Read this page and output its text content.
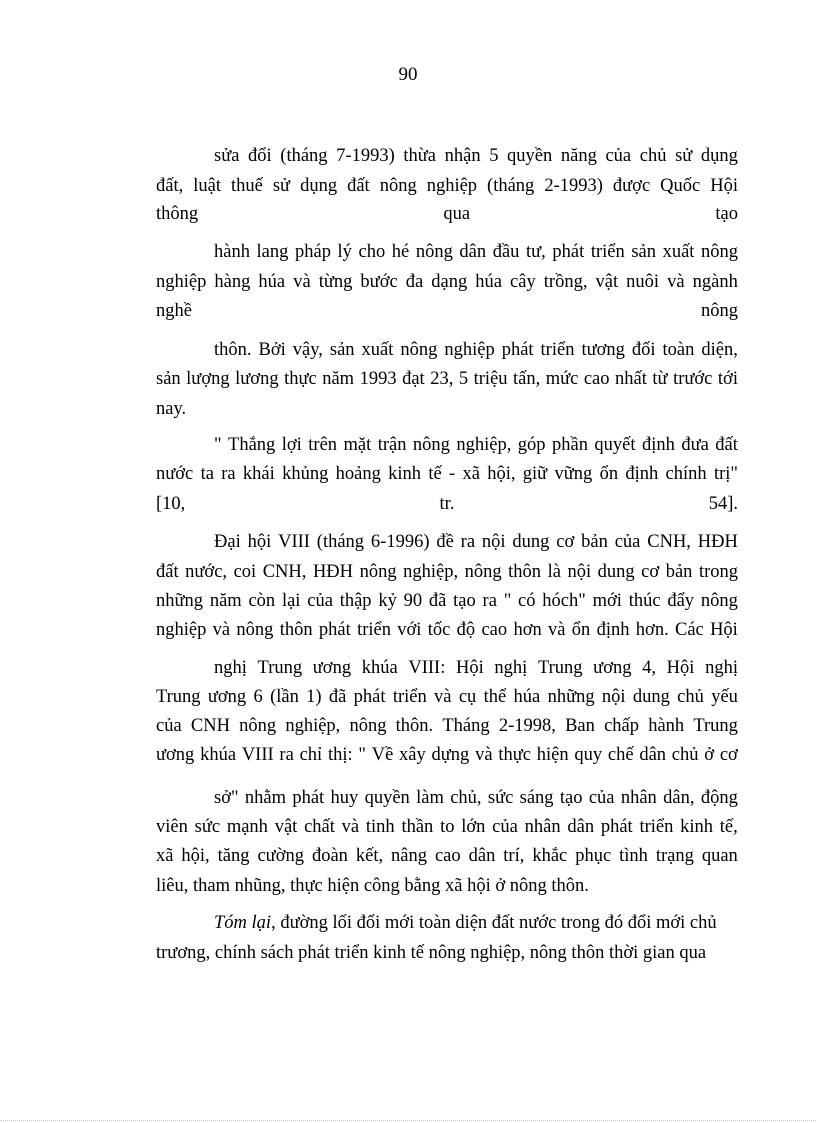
90
sửa đổi (tháng 7-1993) thừa nhận 5 quyền năng của chủ sử dụng
đất, luật thuế sử dụng đất nông nghiệp (tháng 2-1993) được Quốc Hội
thông	qua	tạo
hành lang pháp lý cho hé nông dân đầu tư, phát triển sản xuất nông
nghiệp hàng húa và từng bước đa dạng húa cây trồng, vật nuôi và ngành
nghề	nông
thôn. Bởi vậy, sản xuất nông nghiệp phát triển tương đối toàn diện,
sản lượng lương thực năm 1993 đạt 23, 5 triệu tấn, mức cao nhất từ trước tới
nay.
" Thắng lợi trên mặt trận nông nghiệp, góp phần quyết định đưa đất
nước ta ra khái khủng hoảng kinh tế - xã hội, giữ vững ổn định chính trị"
[10,	tr.	54].
Đại hội VIII (tháng 6-1996) đề ra nội dung cơ bản của CNH, HĐH
đất nước, coi CNH, HĐH nông nghiệp, nông thôn là nội dung cơ bản trong
những năm còn lại của thập kỷ 90 đã tạo ra " có hóch" mới thúc đẩy nông
nghiệp và nông thôn phát triển với tốc độ cao hơn và ổn định hơn. Các Hội
nghị Trung ương khúa VIII: Hội nghị Trung ương 4, Hội nghị
Trung ương 6 (lần 1) đã phát triển và cụ thể húa những nội dung chủ yếu
của CNH nông nghiệp, nông thôn. Tháng 2-1998, Ban chấp hành Trung
ương khúa VIII ra chỉ thị: " Về xây dựng và thực hiện quy chế dân chủ ở cơ
sở" nhằm phát huy quyền làm chủ, sức sáng tạo của nhân dân, động
viên sức mạnh vật chất và tinh thần to lớn của nhân dân phát triển kinh tế,
xã hội, tăng cường đoàn kết, nâng cao dân trí, khắc phục tình trạng quan
liêu, tham nhũng, thực hiện công bằng xã hội ở nông thôn.
Tóm lại, đường lối đổi mới toàn diện đất nước trong đó đổi mới chủ
trương, chính sách phát triển kinh tế nông nghiệp, nông thôn thời gian qua
